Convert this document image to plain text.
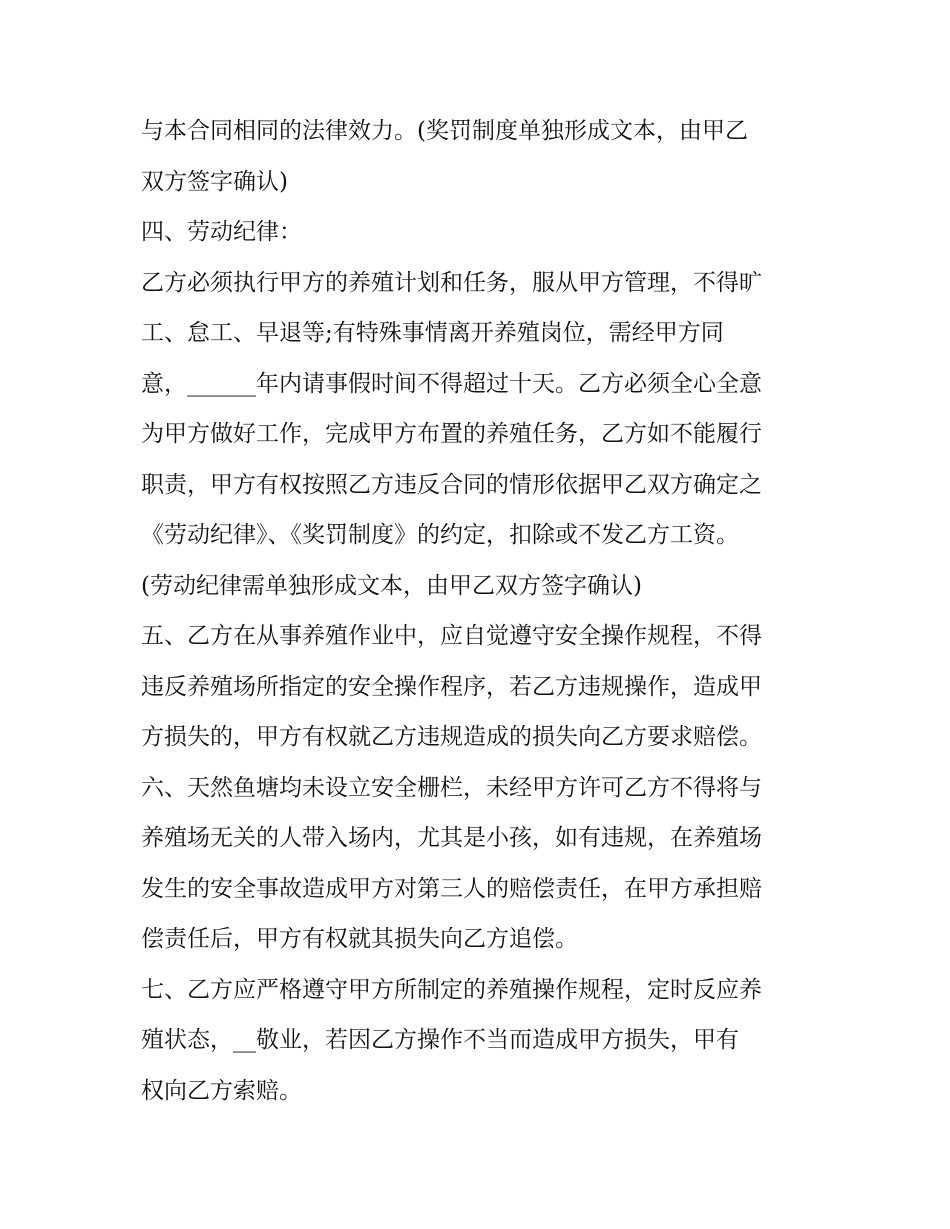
与本合同相同的法律效力。(奖罚制度单独形成文本，由甲乙
双方签字确认)
四、劳动纪律：
乙方必须执行甲方的养殖计划和任务，服从甲方管理，不得旷
工、怠工、早退等;有特殊事情离开养殖岗位，需经甲方同
意，______年内请事假时间不得超过十天。乙方必须全心全意
为甲方做好工作，完成甲方布置的养殖任务，乙方如不能履行
职责，甲方有权按照乙方违反合同的情形依据甲乙双方确定之
《劳动纪律》、《奖罚制度》的约定，扣除或不发乙方工资。
(劳动纪律需单独形成文本，由甲乙双方签字确认)
五、乙方在从事养殖作业中，应自觉遵守安全操作规程，不得
违反养殖场所指定的安全操作程序，若乙方违规操作，造成甲
方损失的，甲方有权就乙方违规造成的损失向乙方要求赔偿。
六、天然鱼塘均未设立安全栅栏，未经甲方许可乙方不得将与
养殖场无关的人带入场内，尤其是小孩，如有违规，在养殖场
发生的安全事故造成甲方对第三人的赔偿责任，在甲方承担赔
偿责任后，甲方有权就其损失向乙方追偿。
七、乙方应严格遵守甲方所制定的养殖操作规程，定时反应养
殖状态，__敬业，若因乙方操作不当而造成甲方损失，甲有
权向乙方索赔。
